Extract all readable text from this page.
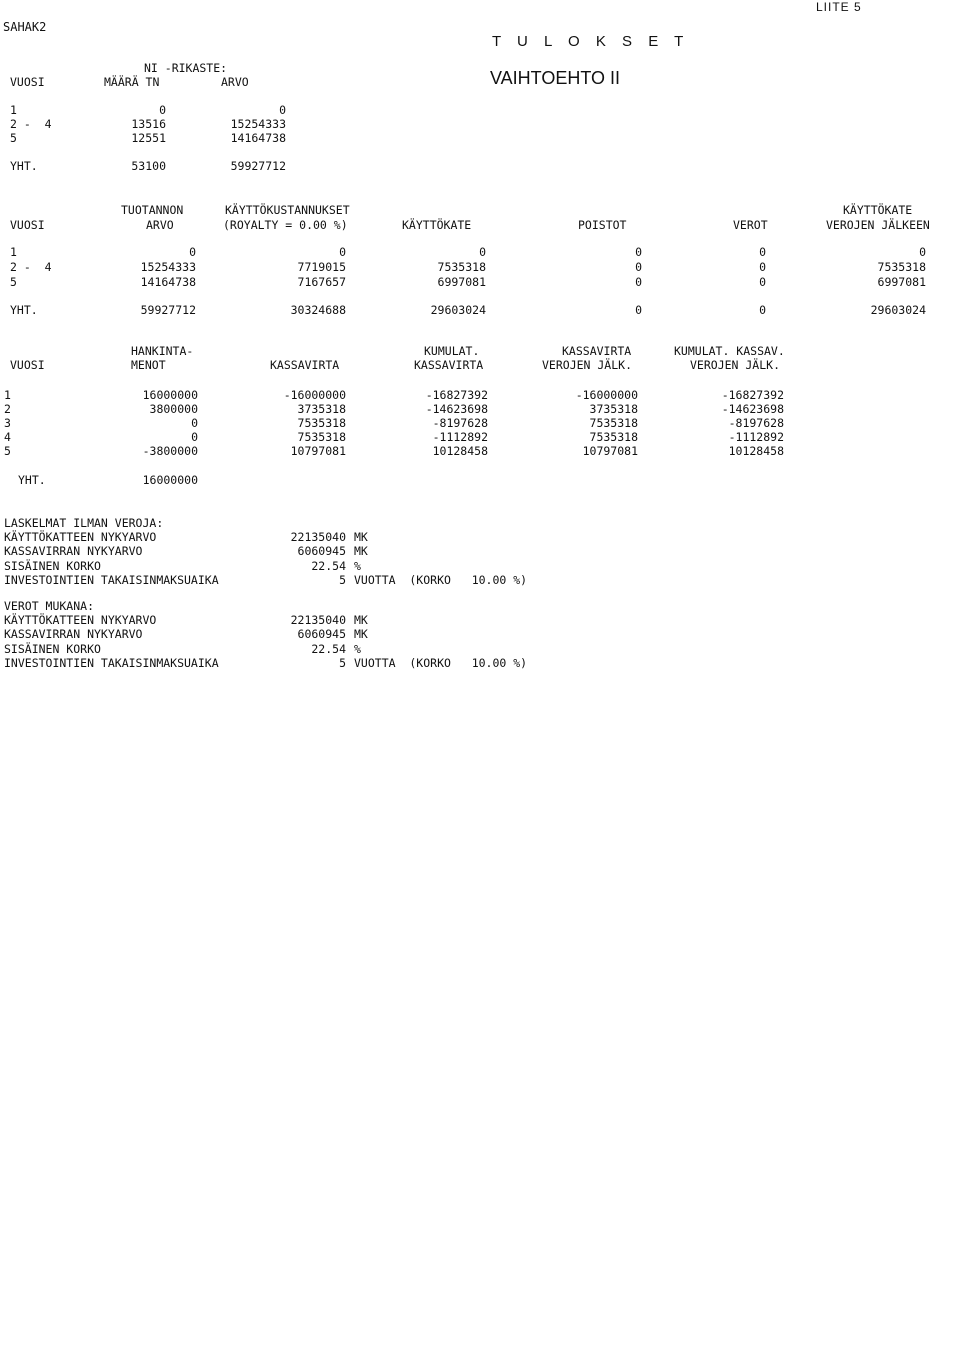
SAHAK2
LIITE 5
T U L O K S E T
VAIHTOEHTO II
NI -RIKASTE:
VUOSI	MÄÄRÄ TN	ARVO
1	0	0
2 -  4	13516	15254333
5	12551	14164738
YHT.	53100	59927712
TUOTANNON	KÄYTTÖKUSTANNUKSET	KÄYTTÖKATE
VUOSI	ARVO	(ROYALTY = 0.00 %)	KÄYTTÖKATE	POISTOT	VEROT	VEROJEN JÄLKEEN
1	0	0	0	0	0	0
2 -  4	15254333	7719015	7535318	0	0	7535318
5	14164738	7167657	6997081	0	0	6997081
YHT.	59927712	30324688	29603024	0	0	29603024
HANKINTA-	KUMULAT.	KASSAVIRTA	KUMULAT. KASSAV.
VUOSI	MENOT	KASSAVIRTA	KASSAVIRTA	VEROJEN JÄLK.	VEROJEN JÄLK.
1	16000000	-16000000	-16827392	-16000000	-16827392
2	3800000	3735318	-14623698	3735318	-14623698
3	0	7535318	-8197628	7535318	-8197628
4	0	7535318	-1112892	7535318	-1112892
5	-3800000	10797081	10128458	10797081	10128458
YHT.	16000000
LASKELMAT ILMAN VEROJA:
KÄYTTÖKATTEEN NYKYARVO	22135040 MK
KASSAVIRRAN NYKYARVO	6060945 MK
SISÄINEN KORKO	22.54 %
INVESTOINTIEN TAKAISINMAKSUAIKA	5 VUOTTA  (KORKO   10.00 %)
VEROT MUKANA:
KÄYTTÖKATTEEN NYKYARVO	22135040 MK
KASSAVIRRAN NYKYARVO	6060945 MK
SISÄINEN KORKO	22.54 %
INVESTOINTIEN TAKAISINMAKSUAIKA	5 VUOTTA  (KORKO   10.00 %)
